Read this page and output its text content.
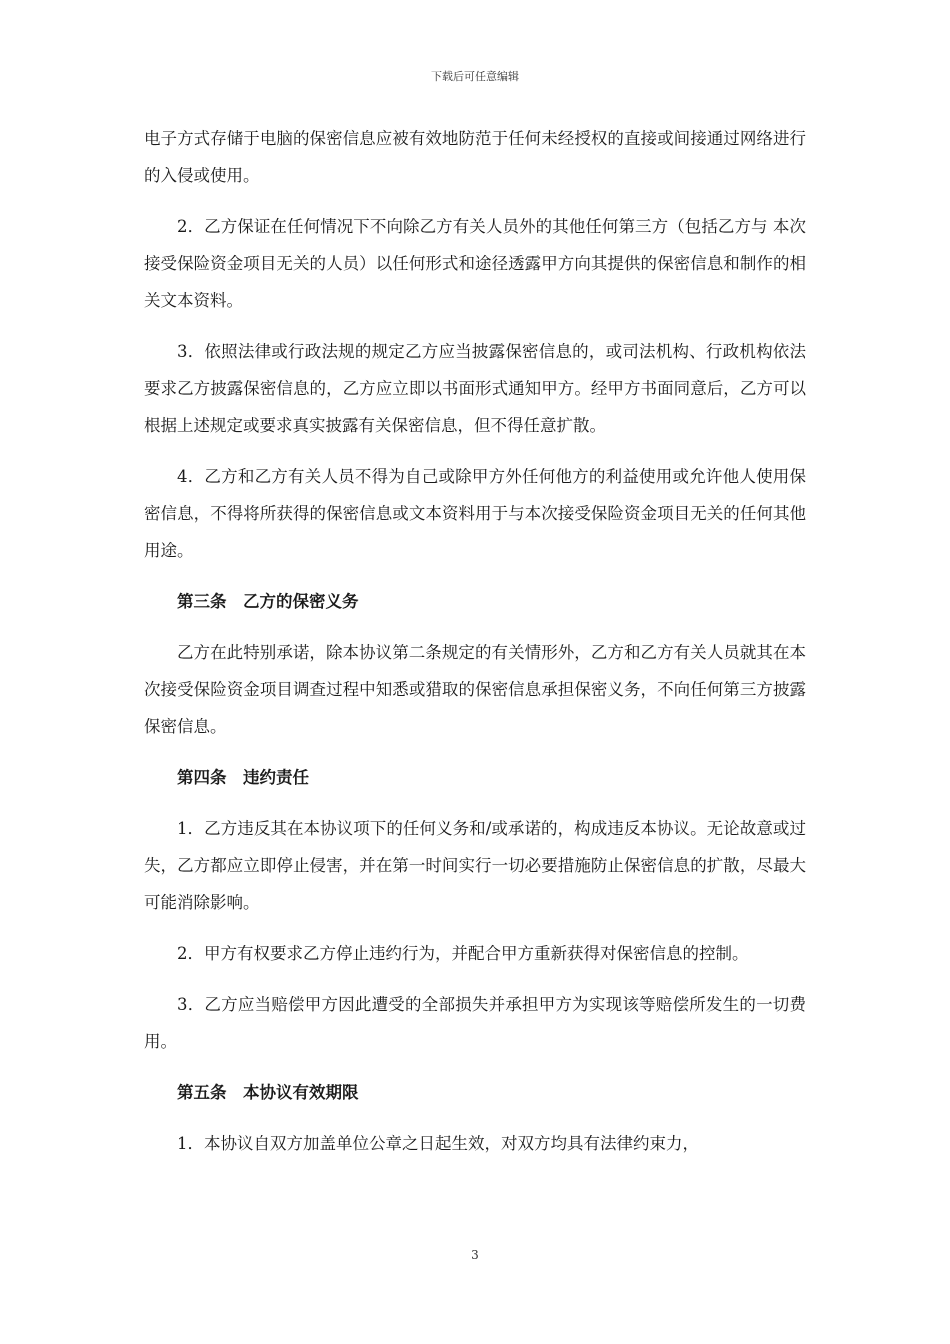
下载后可任意编辑

电子方式存储于电脑的保密信息应被有效地防范于任何未经授权的直接或间接通过网络进行的入侵或使用。

2．乙方保证在任何情况下不向除乙方有关人员外的其他任何第三方（包括乙方与 本次接受保险资金项目无关的人员）以任何形式和途径透露甲方向其提供的保密信息和制作的相关文本资料。

3．依照法律或行政法规的规定乙方应当披露保密信息的，或司法机构、行政机构依法要求乙方披露保密信息的，乙方应立即以书面形式通知甲方。经甲方书面同意后，乙方可以根据上述规定或要求真实披露有关保密信息，但不得任意扩散。

4．乙方和乙方有关人员不得为自己或除甲方外任何他方的利益使用或允许他人使用保密信息，不得将所获得的保密信息或文本资料用于与本次接受保险资金项目无关的任何其他用途。

第三条　乙方的保密义务

乙方在此特别承诺，除本协议第二条规定的有关情形外，乙方和乙方有关人员就其在本次接受保险资金项目调查过程中知悉或猎取的保密信息承担保密义务，不向任何第三方披露保密信息。

第四条　违约责任

1．乙方违反其在本协议项下的任何义务和/或承诺的，构成违反本协议。无论故意或过失，乙方都应立即停止侵害，并在第一时间实行一切必要措施防止保密信息的扩散，尽最大可能消除影响。

2．甲方有权要求乙方停止违约行为，并配合甲方重新获得对保密信息的控制。

3．乙方应当赔偿甲方因此遭受的全部损失并承担甲方为实现该等赔偿所发生的一切费用。

第五条　本协议有效期限

1．本协议自双方加盖单位公章之日起生效，对双方均具有法律约束力，

3
